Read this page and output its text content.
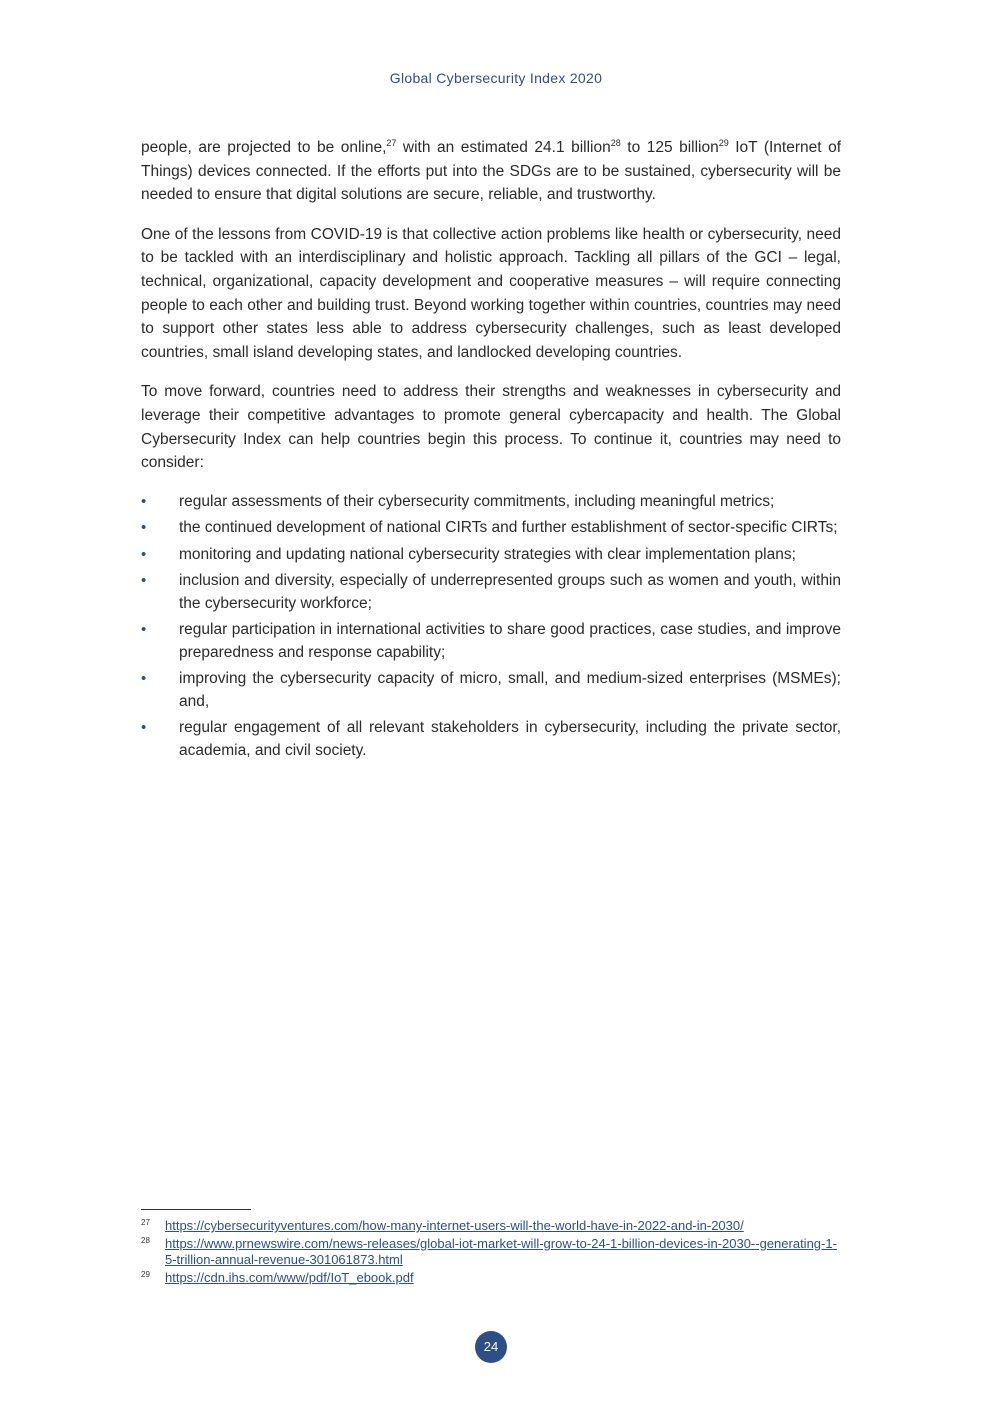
Global Cybersecurity Index 2020

people, are projected to be online,$^{27}$ with an estimated 24.1 billion$^{28}$ to 125 billion$^{29}$ IoT (Internet of Things) devices connected. If the efforts put into the SDGs are to be sustained, cybersecurity will be needed to ensure that digital solutions are secure, reliable, and trustworthy.

One of the lessons from COVID-19 is that collective action problems like health or cybersecurity, need to be tackled with an interdisciplinary and holistic approach. Tackling all pillars of the GCI – legal, technical, organizational, capacity development and cooperative measures – will require connecting people to each other and building trust. Beyond working together within countries, countries may need to support other states less able to address cybersecurity challenges, such as least developed countries, small island developing states, and landlocked developing countries.

To move forward, countries need to address their strengths and weaknesses in cybersecurity and leverage their competitive advantages to promote general cybercapacity and health. The Global Cybersecurity Index can help countries begin this process. To continue it, countries may need to consider:

• regular assessments of their cybersecurity commitments, including meaningful metrics;
• the continued development of national CIRTs and further establishment of sector-specific CIRTs;
• monitoring and updating national cybersecurity strategies with clear implementation plans;
• inclusion and diversity, especially of underrepresented groups such as women and youth, within the cybersecurity workforce;
• regular participation in international activities to share good practices, case studies, and improve preparedness and response capability;
• improving the cybersecurity capacity of micro, small, and medium-sized enterprises (MSMEs); and,
• regular engagement of all relevant stakeholders in cybersecurity, including the private sector, academia, and civil society.
27 https://cybersecurityventures.com/how-many-internet-users-will-the-world-have-in-2022-and-in-2030/
28 https://www.prnewswire.com/news-releases/global-iot-market-will-grow-to-24-1-billion-devices-in-2030--generating-1-5-trillion-annual-revenue-301061873.html
29 https://cdn.ihs.com/www/pdf/IoT_ebook.pdf
24
